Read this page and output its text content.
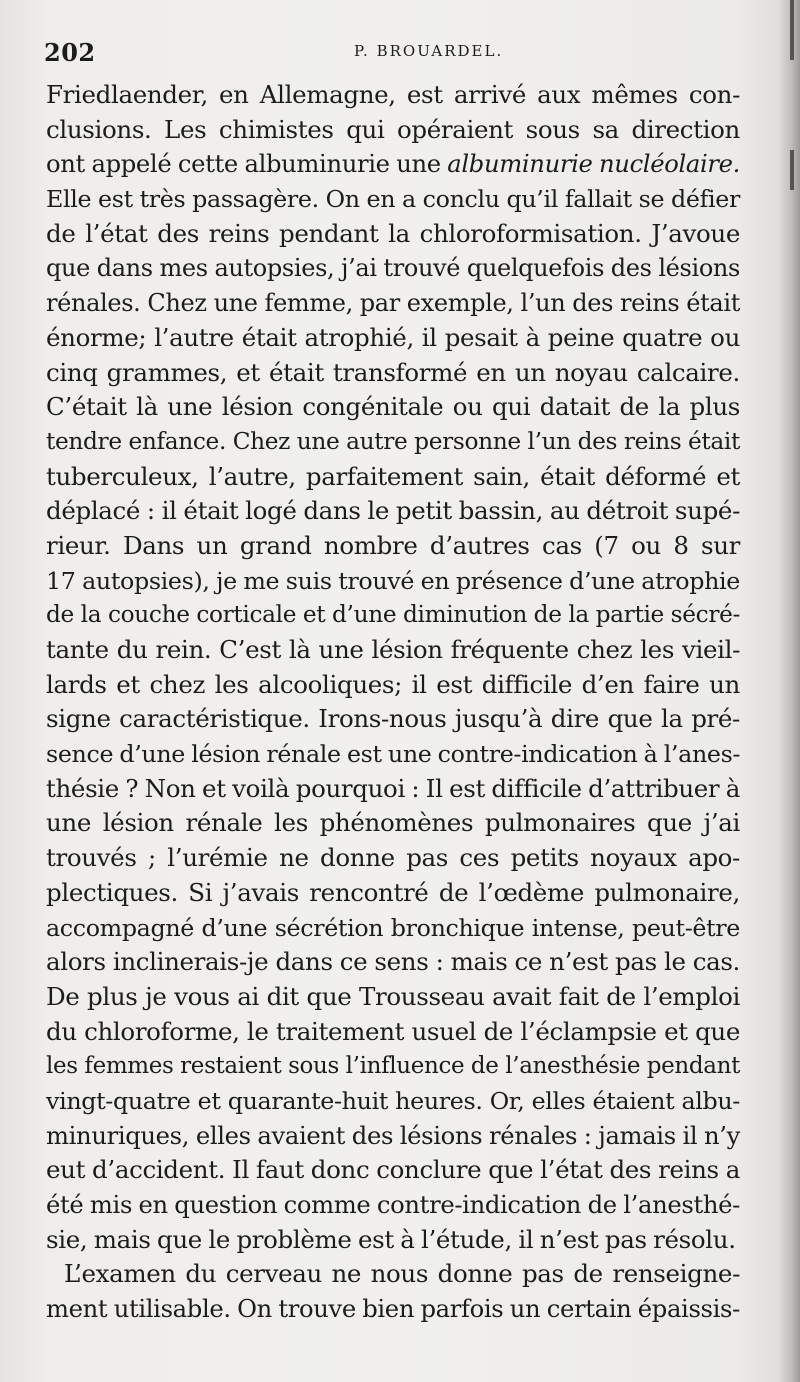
202	P. BROUARDEL.
Friedlaender, en Allemagne, est arrivé aux mêmes con-
clusions. Les chimistes qui opéraient sous sa direction
ont appelé cette albuminurie une albuminurie nucléolaire.
Elle est très passagère. On en a conclu qu’il fallait se défier
de l’état des reins pendant la chloroformisation. J’avoue
que dans mes autopsies, j’ai trouvé quelquefois des lésions
rénales. Chez une femme, par exemple, l’un des reins était
énorme; l’autre était atrophié, il pesait à peine quatre ou
cinq grammes, et était transformé en un noyau calcaire.
C’était là une lésion congénitale ou qui datait de la plus
tendre enfance. Chez une autre personne l’un des reins était
tuberculeux, l’autre, parfaitement sain, était déformé et
déplacé : il était logé dans le petit bassin, au détroit supé-
rieur. Dans un grand nombre d’autres cas (7 ou 8 sur
17 autopsies), je me suis trouvé en présence d’une atrophie
de la couche corticale et d’une diminution de la partie sécré-
tante du rein. C’est là une lésion fréquente chez les vieil-
lards et chez les alcooliques; il est difficile d’en faire un
signe caractéristique. Irons-nous jusqu’à dire que la pré-
sence d’une lésion rénale est une contre-indication à l’anes-
thésie ? Non et voilà pourquoi : Il est difficile d’attribuer à
une lésion rénale les phénomènes pulmonaires que j’ai
trouvés ; l’urémie ne donne pas ces petits noyaux apo-
plectiques. Si j’avais rencontré de l’œdème pulmonaire,
accompagné d’une sécrétion bronchique intense, peut-être
alors inclinerais-je dans ce sens : mais ce n’est pas le cas.
De plus je vous ai dit que Trousseau avait fait de l’emploi
du chloroforme, le traitement usuel de l’éclampsie et que
les femmes restaient sous l’influence de l’anesthésie pendant
vingt-quatre et quarante-huit heures. Or, elles étaient albu-
minuriques, elles avaient des lésions rénales : jamais il n’y
eut d’accident. Il faut donc conclure que l’état des reins a
été mis en question comme contre-indication de l’anesthé-
sie, mais que le problème est à l’étude, il n’est pas résolu.
L’examen du cerveau ne nous donne pas de renseigne-
ment utilisable. On trouve bien parfois un certain épaissis-
